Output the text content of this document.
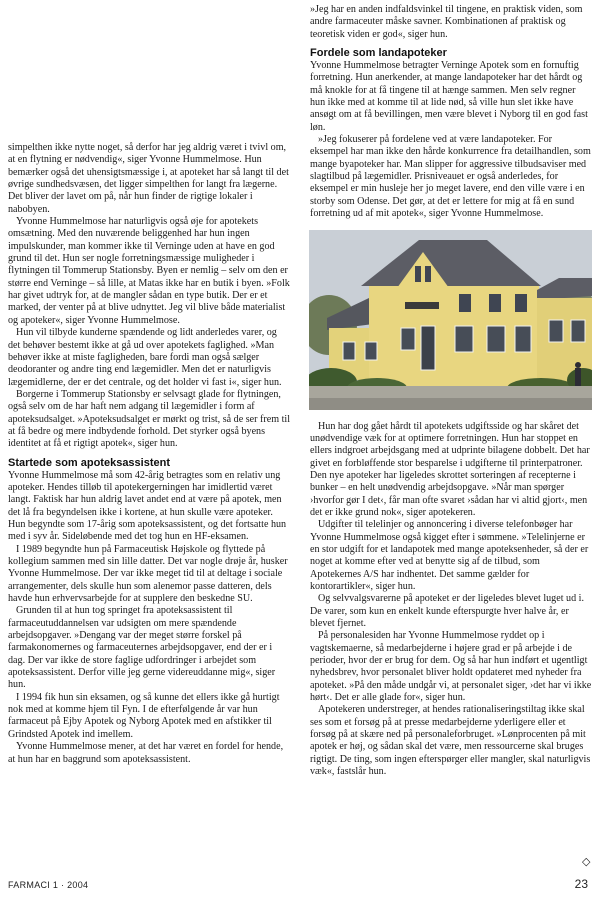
simpelthen ikke nytte noget, så derfor har jeg aldrig været i tvivl om, at en flytning er nødvendig«, siger Yvonne Hummelmose. Hun bemærker også det uhensigtsmæssige i, at apoteket har så langt til det øvrige sundhedsvæsen, det ligger simpelthen for langt fra lægerne. Det bliver der lavet om på, når hun finder de rigtige lokaler i nabobyen.

Yvonne Hummelmose har naturligvis også øje for apotekets omsætning. Med den nuværende beliggenhed har hun ingen impulskunder, man kommer ikke til Verninge uden at have en god grund til det. Hun ser nogle forretningsmæssige muligheder i flytningen til Tommerup Stationsby. Byen er nemlig – selv om den er større end Verninge – så lille, at Matas ikke har en butik i byen. »Folk har givet udtryk for, at de mangler sådan en type butik. Der er et marked, der venter på at blive udnyttet. Jeg vil blive både materialist og apoteker«, siger Yvonne Hummelmose.

Hun vil tilbyde kunderne spændende og lidt anderledes varer, og det behøver bestemt ikke at gå ud over apotekets faglighed. »Man behøver ikke at miste fagligheden, bare fordi man også sælger deodoranter og andre ting end lægemidler. Men det er naturligvis lægemidlerne, der er det centrale, og det holder vi fast i«, siger hun.

Borgerne i Tommerup Stationsby er selvsagt glade for flytningen, også selv om de har haft nem adgang til lægemidler i form af apoteksudsalget. »Apoteksudsalget er mørkt og trist, så de ser frem til at få bedre og mere indbydende forhold. Det styrker også byens identitet at få et rigtigt apotek«, siger hun.

Startede som apoteksassistent

Yvonne Hummelmose må som 42-årig betragtes som en relativ ung apoteker. Hendes tilløb til apotekergerningen har imidlertid været langt. Faktisk har hun aldrig lavet andet end at være på apotek, men det lå fra begyndelsen ikke i kortene, at hun skulle være apoteker. Hun begyndte som 17-årig som apoteksassistent, og det fortsatte hun med i syv år. Sideløbende med det tog hun en HF-eksamen.

I 1989 begyndte hun på Farmaceutisk Højskole og flyttede på kollegium sammen med sin lille datter. Det var nogle drøje år, husker Yvonne Hummelmose. Der var ikke meget tid til at deltage i sociale arrangementer, dels skulle hun som alenemor passe datteren, dels havde hun erhvervsarbejde for at supplere den beskedne SU.

Grunden til at hun tog springet fra apoteksassistent til farmaceutuddannelsen var udsigten om mere spændende arbejdsopgaver. »Dengang var der meget større forskel på farmakonomernes og farmaceuternes arbejdsopgaver, end der er i dag. Der var ikke de store faglige udfordringer i arbejdet som apoteksassistent. Derfor ville jeg gerne videreuddanne mig«, siger hun.

I 1994 fik hun sin eksamen, og så kunne det ellers ikke gå hurtigt nok med at komme hjem til Fyn. I de efterfølgende år var hun farmaceut på Ejby Apotek og Nyborg Apotek med en afstikker til Grindsted Apotek ind imellem.

Yvonne Hummelmose mener, at det har været en fordel for hende, at hun har en baggrund som apoteksassistent.

»Jeg har en anden indfaldsvinkel til tingene, en praktisk viden, som andre farmaceuter måske savner. Kombinationen af praktisk og teoretisk viden er god«, siger hun.

Fordele som landapoteker

Yvonne Hummelmose betragter Verninge Apotek som en fornuftig forretning. Hun anerkender, at mange landapoteker har det hårdt og må knokle for at få tingene til at hænge sammen. Men selv regner hun ikke med at komme til at lide nød, så ville hun slet ikke have ansøgt om at få bevillingen, men være blevet i Nyborg til en god fast løn.

»Jeg fokuserer på fordelene ved at være landapoteker. For eksempel har man ikke den hårde konkurrence fra detailhandlen, som mange byapoteker har. Man slipper for aggressive tilbudsaviser med slagtilbud på lægemidler. Prisniveauet er også anderledes, for eksempel er min husleje her jo meget lavere, end den ville være i en storby som Odense. Det gør, at det er lettere for mig at få en sund forretning ud af mit apotek«, siger Yvonne Hummelmose.

Hun har dog gået hårdt til apotekets udgiftsside og har skåret det unødvendige væk for at optimere forretningen. Hun har stoppet en ellers indgroet arbejdsgang med at udprinte bilagene dobbelt. Det har givet en forbløffende stor besparelse i udgifterne til printerpatroner. Den nye apoteker har ligeledes skrottet sorteringen af recepterne i bunker – en helt unødvendig arbejdsopgave. »Når man spørger ›hvorfor gør I det‹, får man ofte svaret ›sådan har vi altid gjort‹, men det er ikke grund nok«, siger apotekeren.

Udgifter til telelinjer og annoncering i diverse telefonbøger har Yvonne Hummelmose også kigget efter i sømmene. »Telelinjerne er en stor udgift for et landapotek med mange apoteksenheder, så der er noget at komme efter ved at benytte sig af de tilbud, som Apotekernes A/S har indhentet. Det samme gælder for kontorartikler«, siger hun.

Og selvvalgsvarerne på apoteket er der ligeledes blevet luget ud i. De varer, som kun en enkelt kunde efterspurgte hver halve år, er blevet fjernet.

På personalesiden har Yvonne Hummelmose ryddet op i vagtskemaerne, så medarbejderne i højere grad er på arbejde i de perioder, hvor der er brug for dem. Og så har hun indført et ugentligt nyhedsbrev, hvor personalet bliver holdt opdateret med nyheder fra apoteket. »På den måde undgår vi, at personalet siger, ›det har vi ikke hørt‹. Det er alle glade for«, siger hun.

Apotekeren understreger, at hendes rationaliseringstiltag ikke skal ses som et forsøg på at presse medarbejderne yderligere eller et forsøg på at skære ned på personaleforbruget. »Lønprocenten på mit apotek er høj, og sådan skal det være, men ressourcerne skal bruges rigtigt. De ting, som ingen efterspørger eller mangler, skal naturligvis væk«, fastslår hun.

◇
FARMACI 1 · 2004	23
